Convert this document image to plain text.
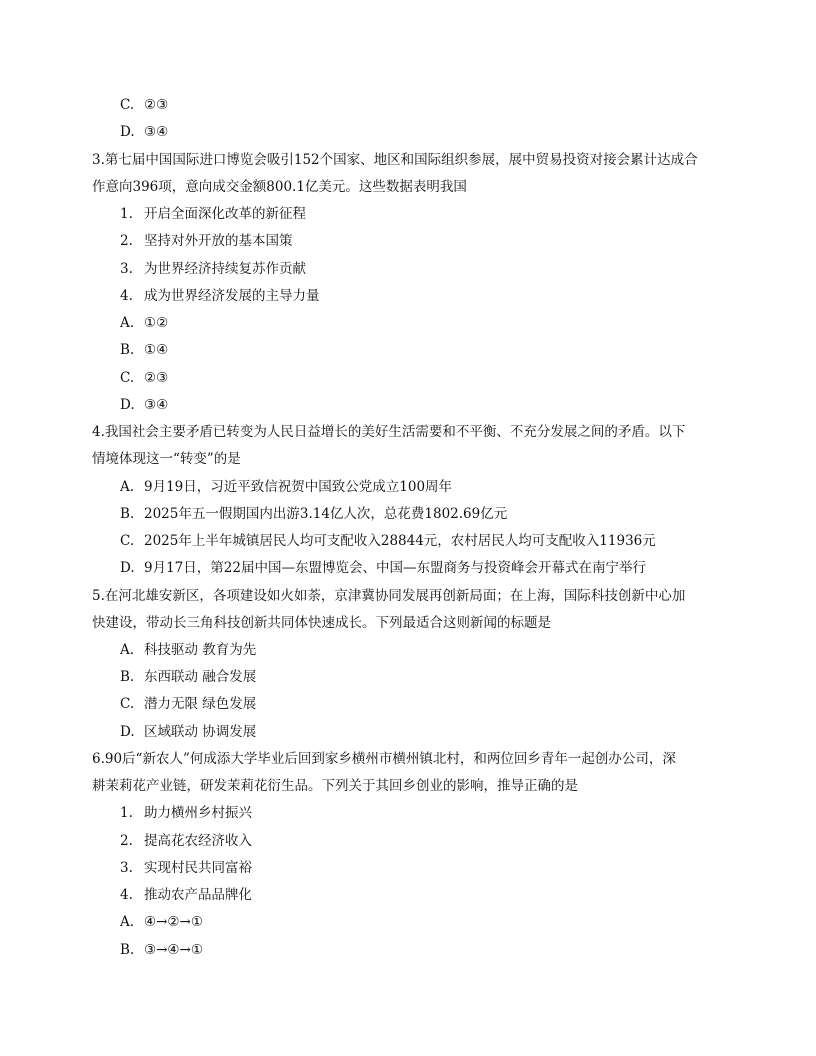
C. ②③
D. ③④
3.第七届中国国际进口博览会吸引152个国家、地区和国际组织参展，展中贸易投资对接会累计达成合
作意向396项，意向成交金额800.1亿美元。这些数据表明我国
1. 开启全面深化改革的新征程
2. 坚持对外开放的基本国策
3. 为世界经济持续复苏作贡献
4. 成为世界经济发展的主导力量
A. ①②
B. ①④
C. ②③
D. ③④
4.我国社会主要矛盾已转变为人民日益增长的美好生活需要和不平衡、不充分发展之间的矛盾。以下
情境体现这一“转变”的是
A. 9月19日，习近平致信祝贺中国致公党成立100周年
B. 2025年五一假期国内出游3.14亿人次，总花费1802.69亿元
C. 2025年上半年城镇居民人均可支配收入28844元，农村居民人均可支配收入11936元
D. 9月17日，第22届中国—东盟博览会、中国—东盟商务与投资峰会开幕式在南宁举行
5.在河北雄安新区，各项建设如火如荼，京津冀协同发展再创新局面；在上海，国际科技创新中心加
快建设，带动长三角科技创新共同体快速成长。下列最适合这则新闻的标题是
A. 科技驱动 教育为先
B. 东西联动 融合发展
C. 潜力无限 绿色发展
D. 区域联动 协调发展
6.90后“新农人”何成添大学毕业后回到家乡横州市横州镇北村，和两位回乡青年一起创办公司，深
耕茉莉花产业链，研发茉莉花衍生品。下列关于其回乡创业的影响，推导正确的是
1. 助力横州乡村振兴
2. 提高花农经济收入
3. 实现村民共同富裕
4. 推动农产品品牌化
A. ④→②→①
B. ③→④→①
